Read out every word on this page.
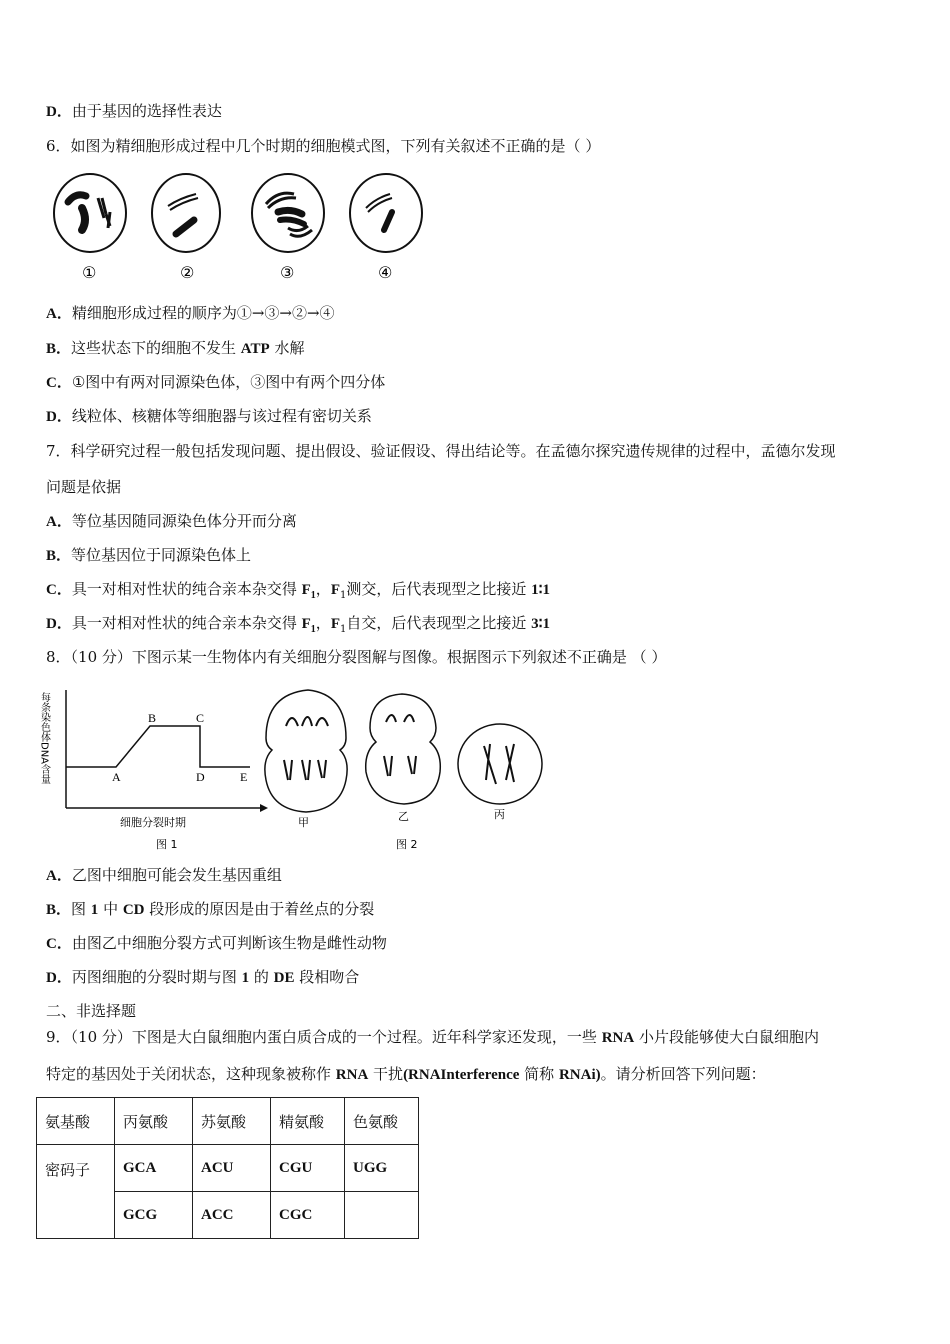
D．由于基因的选择性表达
6．如图为精细胞形成过程中几个时期的细胞模式图，下列有关叙述不正确的是（ ）
①	②	③	④
A．精细胞形成过程的顺序为①→③→②→④
B．这些状态下的细胞不发生 ATP 水解
C．①图中有两对同源染色体，③图中有两个四分体
D．线粒体、核糖体等细胞器与该过程有密切关系
7．科学研究过程一般包括发现问题、提出假设、验证假设、得出结论等。在孟德尔探究遗传规律的过程中，孟德尔发现
问题是依据
A．等位基因随同源染色体分开而分离
B．等位基因位于同源染色体上
C．具一对相对性状的纯合亲本杂交得 $F_1$，$F_1$测交，后代表现型之比接近 1∶1
D．具一对相对性状的纯合亲本杂交得 $F_1$，$F_1$自交，后代表现型之比接近 3∶1
8．（10 分）下图示某一生物体内有关细胞分裂图解与图像。根据图示下列叙述不正确是 （ ）
每条染色体DNA含量	A
B	C
D	E
细胞分裂时期
图 1
甲	乙
图 2
丙
A．乙图中细胞可能会发生基因重组
B．图 1 中 CD 段形成的原因是由于着丝点的分裂
C．由图乙中细胞分裂方式可判断该生物是雌性动物
D．丙图细胞的分裂时期与图 1 的 DE 段相吻合
二、非选择题
9．（10 分）下图是大白鼠细胞内蛋白质合成的一个过程。近年科学家还发现，一些 RNA 小片段能够使大白鼠细胞内
特定的基因处于关闭状态，这种现象被称作 RNA 干扰(RNAInterference 简称 RNAi)。请分析回答下列问题：
氨基酸	丙氨酸	苏氨酸	精氨酸	色氨酸
密码子	GCA	ACU	CGU	UGG
	GCG	ACC	CGC	
